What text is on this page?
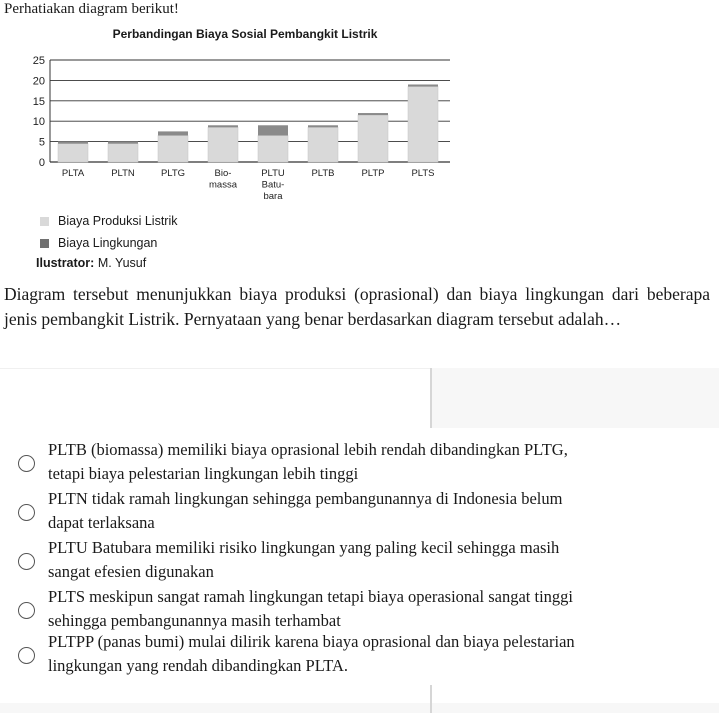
Perhatiakan diagram berikut!
Perbandingan Biaya Sosial Pembangkit Listrik
0
5
10
15
20
25
PLTA	PLTN	PLTG	Bio-
massa
PLTU
Batu-
bara
PLTB	PLTP	PLTS
Biaya Produksi Listrik
Biaya Lingkungan
Ilustrator: M. Yusuf
Diagram tersebut menunjukkan biaya produksi (oprasional) dan biaya lingkungan dari beberapa jenis pembangkit Listrik. Pernyataan yang benar berdasarkan diagram tersebut adalah…
PLTB (biomassa) memiliki biaya oprasional lebih rendah dibandingkan PLTG,
tetapi biaya pelestarian lingkungan lebih tinggi
PLTN tidak ramah lingkungan sehingga pembangunannya di Indonesia belum
dapat terlaksana
PLTU Batubara memiliki risiko lingkungan yang paling kecil sehingga masih
sangat efesien digunakan
PLTS meskipun sangat ramah lingkungan tetapi biaya operasional sangat tinggi
sehingga pembangunannya masih terhambat
PLTPP (panas bumi) mulai dilirik karena biaya oprasional dan biaya pelestarian
lingkungan yang rendah dibandingkan PLTA.
